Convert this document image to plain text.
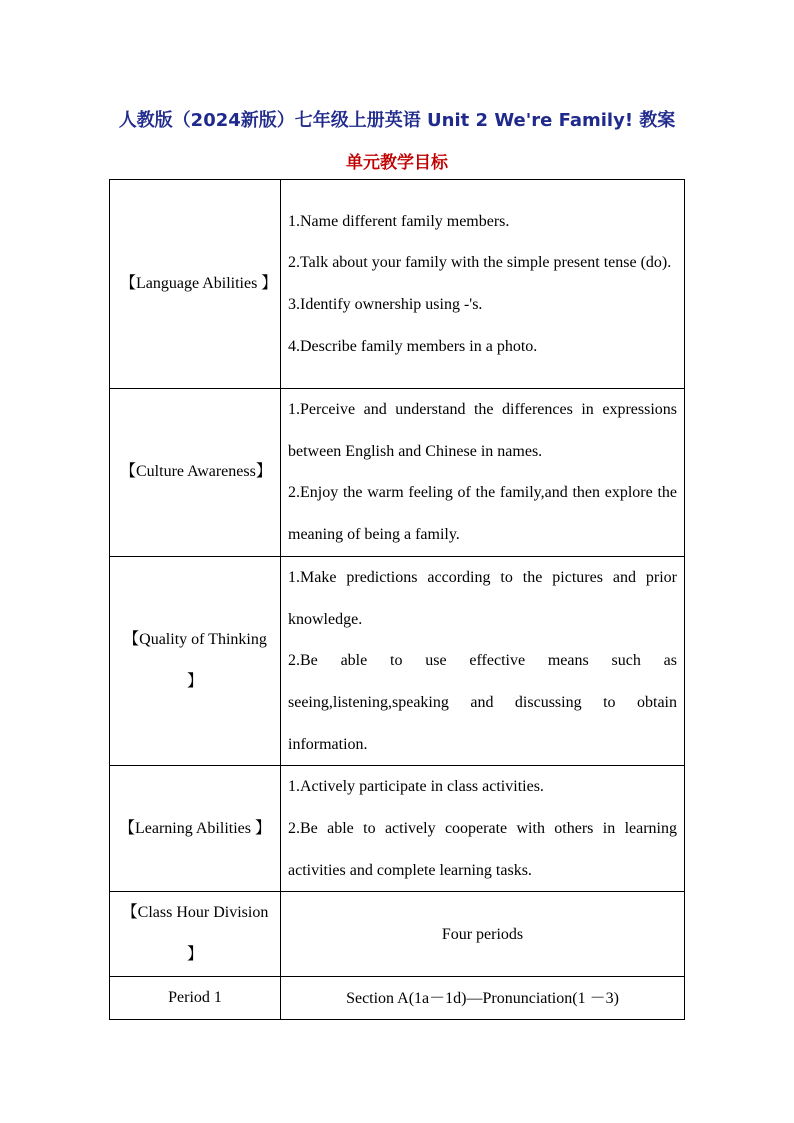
人教版（2024新版）七年级上册英语 Unit 2 We're Family! 教案
单元教学目标
【Language Abilities 】	1.Name different family members.

2.Talk about your family with the simple present tense (do).

3.Identify ownership using -'s.

4.Describe family members in a photo.

【Culture Awareness】	1.Perceive and understand the differences in expressions between English and Chinese in names.

2.Enjoy the warm feeling of the family,and then explore the meaning of being a family.

【Quality of Thinking 】	1.Make predictions according to the pictures and prior knowledge.

2.Be able to use effective means such as seeing,listening,speaking and discussing to obtain information.

【Learning Abilities 】	1.Actively participate in class activities.

2.Be able to actively cooperate with others in learning activities and complete learning tasks.

【Class Hour Division 】	Four periods
Period 1	Section A(1a－1d)—Pronunciation(1 －3)
